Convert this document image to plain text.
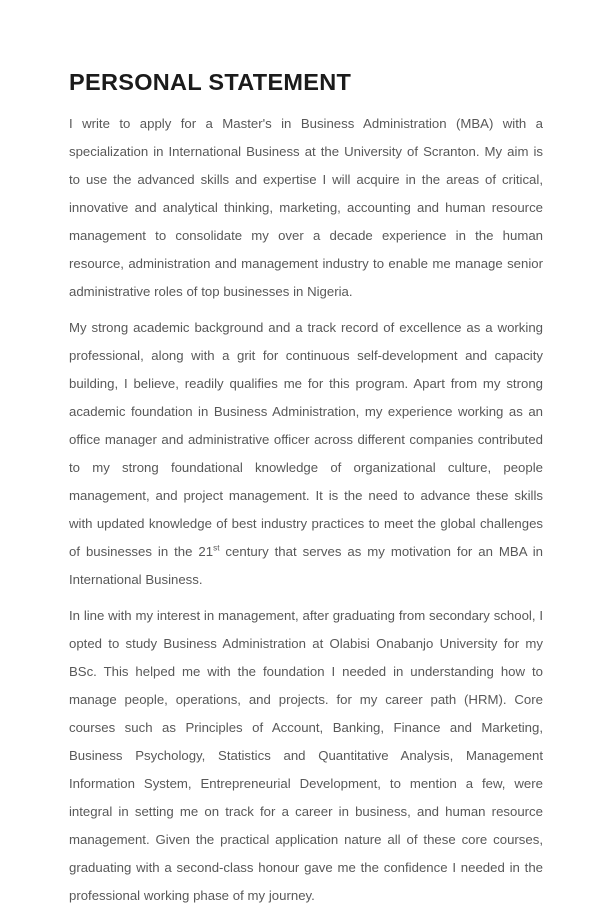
PERSONAL STATEMENT

I write to apply for a Master's in Business Administration (MBA) with a specialization in International Business at the University of Scranton. My aim is to use the advanced skills and expertise I will acquire in the areas of critical, innovative and analytical thinking, marketing, accounting and human resource management to consolidate my over a decade experience in the human resource, administration and management industry to enable me manage senior administrative roles of top businesses in Nigeria.

My strong academic background and a track record of excellence as a working professional, along with a grit for continuous self-development and capacity building, I believe, readily qualifies me for this program. Apart from my strong academic foundation in Business Administration, my experience working as an office manager and administrative officer across different companies contributed to my strong foundational knowledge of organizational culture, people management, and project management. It is the need to advance these skills with updated knowledge of best industry practices to meet the global challenges of businesses in the 21st century that serves as my motivation for an MBA in International Business.

In line with my interest in management, after graduating from secondary school, I opted to study Business Administration at Olabisi Onabanjo University for my BSc. This helped me with the foundation I needed in understanding how to manage people, operations, and projects. for my career path (HRM). Core courses such as Principles of Account, Banking, Finance and Marketing, Business Psychology, Statistics and Quantitative Analysis, Management Information System, Entrepreneurial Development, to mention a few, were integral in setting me on track for a career in business, and human resource management. Given the practical application nature all of these core courses, graduating with a second-class honour gave me the confidence I needed in the professional working phase of my journey.
